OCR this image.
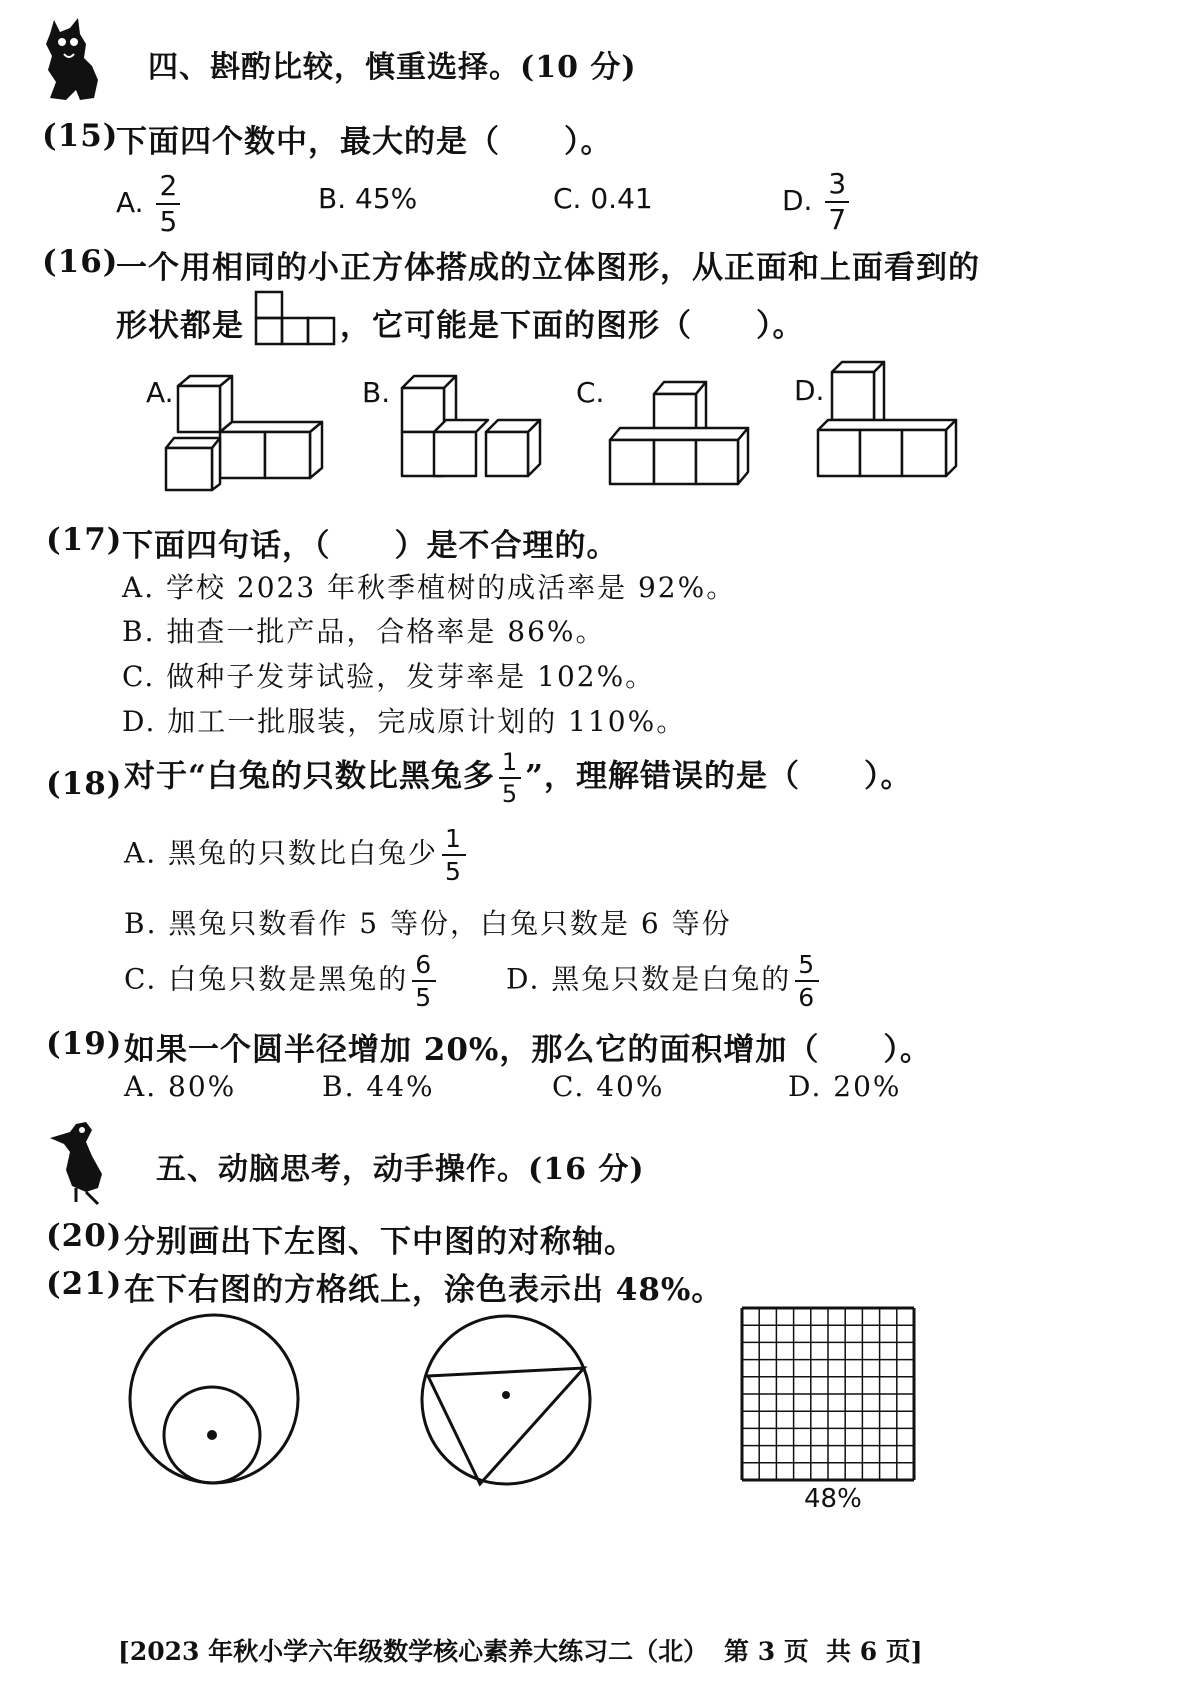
四、斟酌比较，慎重选择。(10 分)
(15)
下面四个数中，最大的是（　　）。
A. $\frac{2}{5}$	B. 45%	C. 0.41	D. $\frac{3}{7}$
(16)
一个用相同的小正方体搭成的立体图形，从正面和上面看到的
形状都是	，它可能是下面的图形（　　）。
A.	B.	C.	D.
(17) 下面四句话，（　　）是不合理的。
A. 学校 2023 年秋季植树的成活率是 92%。
B. 抽查一批产品，合格率是 86%。
C. 做种子发芽试验，发芽率是 102%。
D. 加工一批服装，完成原计划的 110%。
(18) 对于“白兔的只数比黑兔多 $\frac{1}{5}$ ”，理解错误的是（　　）。
A. 黑兔的只数比白兔少 $\frac{1}{5}$
B. 黑兔只数看作 5 等份，白兔只数是 6 等份
C. 白兔只数是黑兔的 $\frac{6}{5} D$. 黑兔只数是白兔的 $\frac{5}{6}$
(19) 如果一个圆半径增加 20%，那么它的面积增加（　　）。
A. 80%	B. 44%	C. 40%	D. 20%
五、动脑思考，动手操作。(16 分)
(20) 分别画出下左图、下中图的对称轴。
(21) 在下右图的方格纸上，涂色表示出 48%。
48%
[2023 年秋小学六年级数学核心素养大练习二（北） 第 3 页 共 6 页]
